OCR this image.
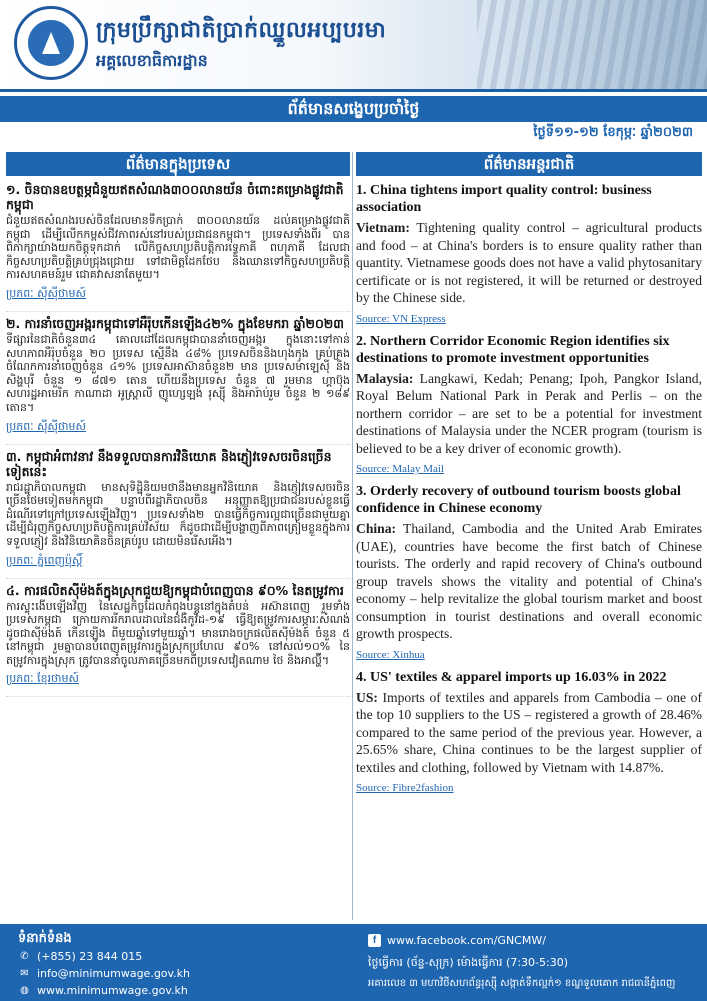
ក្រុមប្រឹក្សាជាតិប្រាក់ឈ្នួលអប្បបរមា
អគ្គលេខាធិការដ្ឋាន
ព័ត៌មានសង្ខេបប្រចាំថ្ងៃ
ថ្ងៃទី១១-១២ ខែកុម្ភៈ ឆ្នាំ២០២៣
ព័ត៌មានក្នុងប្រទេស
១. ចិនបានឧបត្ថម្ភជំនួយឥតសំណង៣០០លានយ័ន ចំពោះគម្រោងផ្លូវជាតិកម្ពុជា
ជំនួយឥតសំណងរបស់ចិនដែលមានទឹកប្រាក់ ៣០០លានយ័ន ដល់គម្រោងផ្លូវជាតិកម្ពុជា ដើម្បីលើកកម្ពស់ជីវភាពរស់នៅរបស់ប្រជាជនកម្ពុជា។ ប្រទេសទាំងពីរ បានពិភាក្សាយ៉ាងយកចិត្តទុកដាក់ លើកិច្ចសហប្រតិបត្តិការទ្វេភាគី ពហុភាគី ដែលជាកិច្ចសហប្រតិបត្តិគ្រប់ជ្រុងជ្រោយ ទៅជាមិត្តដែកថែប និងឈានទៅកិច្ចសហប្រតិបត្តិការសហគមន៍រួម ជោគវាសនាតែមួយ។
ប្រភពៈ ស៊ីស៊ីថាមស៍
២. ការនាំចេញអង្ករកម្ពុជាទៅអឺរ៉ុបកើនឡើង៤២% ក្នុងខែមករា ឆ្នាំ២០២៣
ទីផ្សារនៃជាតិចំនួន៣៤ គោលដៅដែលកម្ពុជាបាននាំចេញអង្ករ ក្នុងនោះទៅកាន់សហភាពអឺរ៉ុបចំនួន ២០ ប្រទេស ស្មើនឹង ៤៨% ប្រទេសចិននិងហុងកុង គ្រប់គ្រងចំណែកការនាំចេញចំនួន ៤១% ប្រទេសអាស៊ានចំនួន២ មាន ប្រទេសម៉ាឡេស៊ី និង សិង្ហបុរី ចំនួន ១ ៨៧១ តោន ហើយនឹងប្រទេស ចំនួន ៧ រួមមាន ហ្គាប៊ុង សហរដ្ឋអាមេរិក កាណាដា អូស្ត្រាលី ញូហ្សេឡង់ រុស្ស៊ី និងអារ៉ាប់រួម ចំនួន ២ ១៨៩ តោន។
ប្រភពៈ ស៊ីស៊ីថាមស៍
៣. កម្ពុជាអំពាវនាវ នឹងទទួលបានការវិនិយោគ និងភ្ញៀវទេសចរចិនច្រើនទៀតនេះ
រាជរដ្ឋាភិបាលកម្ពុជា មានសុទិដ្ឋិនិយមថានឹងមានអ្នកវិនិយោគ និងភ្ញៀវទេសចរចិនច្រើនថែមទៀតមកកម្ពុជា បន្ទាប់ពីរដ្ឋាភិបាលចិន អនុញ្ញាតឱ្យប្រជាជនរបស់ខ្លួនធ្វើដំណើរទៅក្រៅប្រទេសឡើងវិញ។ ប្រទេសទាំង២ បានធ្វើកិច្ចការល្អជាច្រើនជាមួយគ្នា ដើម្បីជំរុញកិច្ចសហប្រតិបត្តិការគ្រប់វិស័យ ក៏ដូចជាដើម្បីបង្ហាញពីភាពត្រៀមខ្លួនក្នុងការទទួលភ្ញៀវ និងវិនិយោគិនចិនគ្រប់រូប ដោយមិនរើសអើង។
ប្រភពៈ ភ្នំពេញប៉ុស្តិ៍
៤. ការផលិតស៊ីម៉ងត៍ក្នុងស្រុកជួយឱ្យកម្ពុជាបំពេញបាន ៩០% នៃតម្រូវការ
ការស្ទុះងើបឡើងវិញ នៃសេដ្ឋកិច្ចដែលកំពុងបន្តនៅក្នុងតំបន់ អស៊ានពេញ រួមទាំងប្រទេសកម្ពុជា ក្រោយការរីករាលដាលនៃជំងឺកូវីដ-១៩ ធ្វើឱ្យតម្រូវការសម្ភារៈសំណង់ ដូចជាស៊ីម៉ងត៍ កើនឡើង ពីមួយឆ្នាំទៅមួយឆ្នាំ។ មានរោងចក្រផលិតស៊ីម៉ងត៍ ចំនួន ៥ នៅកម្ពុជា រួមគ្នាបានបំពេញតម្រូវការក្នុងស្រុកប្រហែល ៩០% នៅសល់១០% នៃតម្រូវការក្នុងស្រុក ត្រូវបាននាំចូលភាគច្រើនមកពីប្រទេសវៀតណាម ថៃ និងអាល្ហ៊ី។
ប្រភពៈ ខ្មែរថាមស៍
ព័ត៌មានអន្តរជាតិ
1. China tightens import quality control: business association
Vietnam: Tightening quality control – agricultural products and food – at China's borders is to ensure quality rather than quantity. Vietnamese goods does not have a valid phytosanitary certificate or is not registered, it will be returned or destroyed by the Chinese side.
Source: VN Express
2. Northern Corridor Economic Region identifies six destinations to promote investment opportunities
Malaysia: Langkawi, Kedah; Penang; Ipoh, Pangkor Island, Royal Belum National Park in Perak and Perlis – on the northern corridor – are set to be a potential for investment destinations of Malaysia under the NCER program (tourism is believed to be a key driver of economic growth).
Source: Malay Mail
3. Orderly recovery of outbound tourism boosts global confidence in Chinese economy
China: Thailand, Cambodia and the United Arab Emirates (UAE), countries have become the first batch of Chinese tourists. The orderly and rapid recovery of China's outbound group travels shows the vitality and potential of China's economy – help revitalize the global tourism market and boost consumption in tourist destinations and overall economic growth prospects.
Source: Xinhua
4. US' textiles & apparel imports up 16.03% in 2022
US: Imports of textiles and apparels from Cambodia – one of the top 10 suppliers to the US – registered a growth of 28.46% compared to the same period of the previous year. However, a 25.65% share, China continues to be the largest supplier of textiles and clothing, followed by Vietnam with 14.87%.
Source: Fibre2fashion
ទំនាក់ទំនង
✆ (+855) 23 844 015
✉ info@minimumwage.gov.kh
◍ www.minimumwage.gov.kh
f www.facebook.com/GNCMW/
ថ្ងៃធ្វើការ (ច័ន្ទ-សុក្រ) ម៉ោងធ្វើការ (7:30-5:30)
អគារលេខ ៣ មហាវិថីសហព័ន្ធរុស្ស៊ី សង្កាត់ទឹកល្អក់១ ខណ្ឌទួលគោក រាជធានីភ្នំពេញ
